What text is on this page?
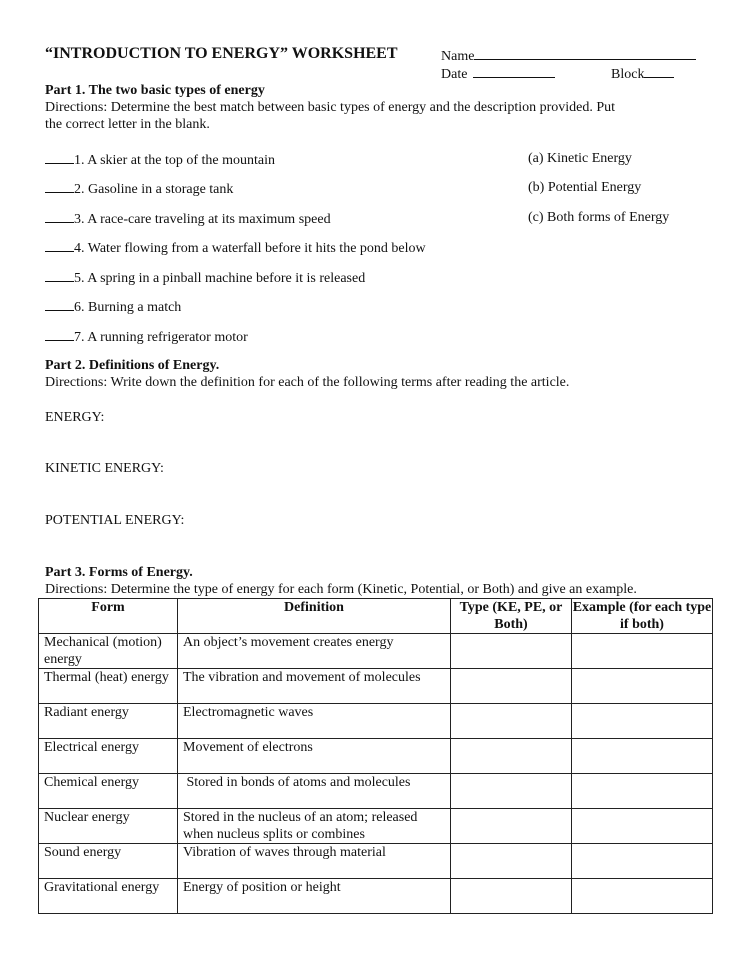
“INTRODUCTION TO ENERGY” WORKSHEET	Name
Date	Block
Part 1. The two basic types of energy
Directions: Determine the best match between basic types of energy and the description provided. Put
the correct letter in the blank.
1. A skier at the top of the mountain
2. Gasoline in a storage tank
3. A race-care traveling at its maximum speed
4. Water flowing from a waterfall before it hits the pond below
5. A spring in a pinball machine before it is released
6. Burning a match
7. A running refrigerator motor
(a) Kinetic Energy
(b) Potential Energy
(c) Both forms of Energy
Part 2. Definitions of Energy.
Directions: Write down the definition for each of the following terms after reading the article.
ENERGY:
KINETIC ENERGY:
POTENTIAL ENERGY:
Part 3. Forms of Energy.
Directions: Determine the type of energy for each form (Kinetic, Potential, or Both) and give an example.
Form	Definition	Type (KE, PE, or Both)	Example (for each type if both)
Mechanical (motion) energy	An object’s movement creates energy		
Thermal (heat) energy	The vibration and movement of molecules		
Radiant energy	Electromagnetic waves		
Electrical energy	Movement of electrons		
Chemical energy	Stored in bonds of atoms and molecules		
Nuclear energy	Stored in the nucleus of an atom; released when nucleus splits or combines		
Sound energy	Vibration of waves through material		
Gravitational energy	Energy of position or height		
